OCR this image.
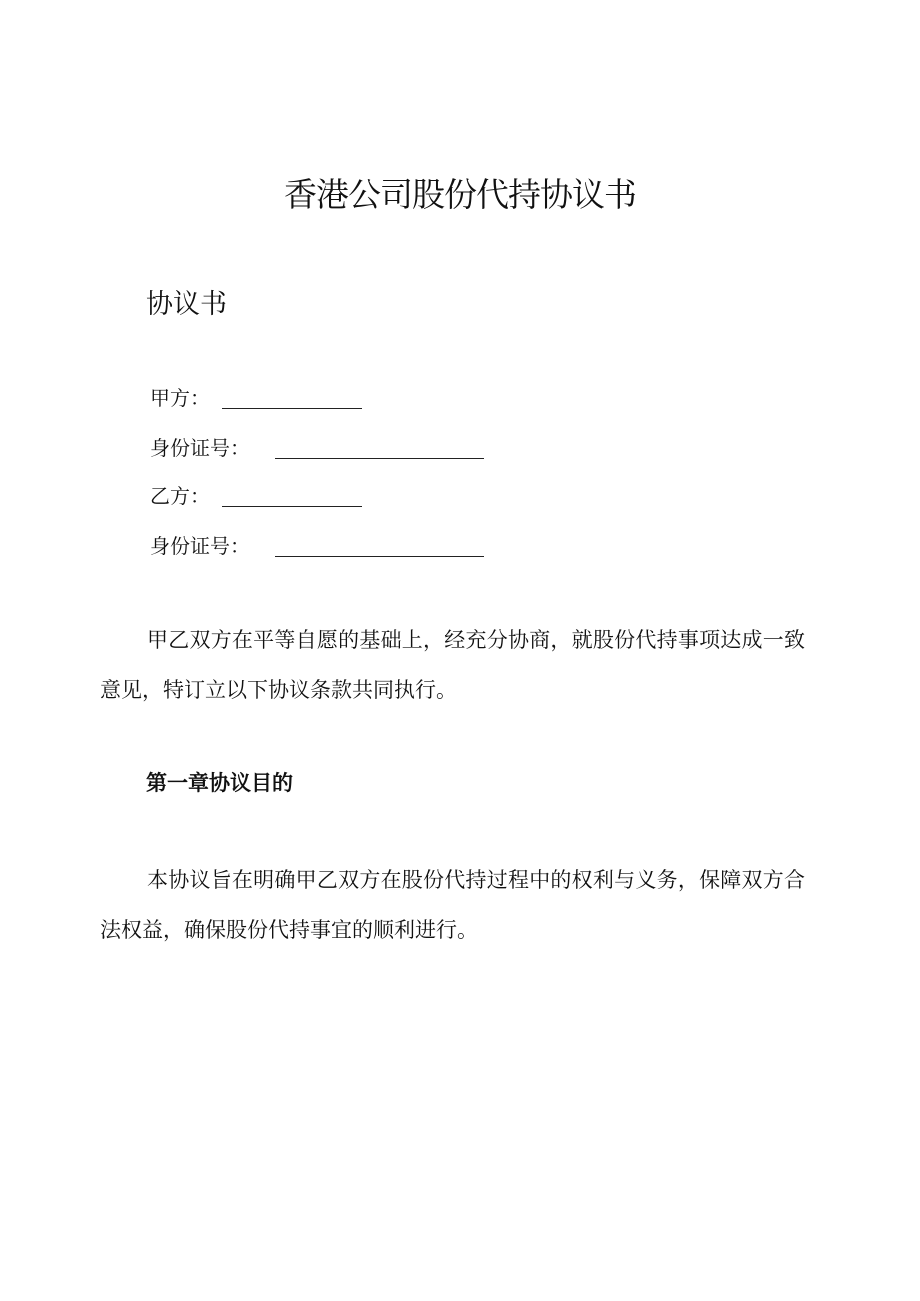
香港公司股份代持协议书
协议书
甲方：
身份证号：
乙方：
身份证号：

甲乙双方在平等自愿的基础上，经充分协商，就股份代持事项达成一致意见，特订立以下协议条款共同执行。

第一章协议目的

本协议旨在明确甲乙双方在股份代持过程中的权利与义务，保障双方合法权益，确保股份代持事宜的顺利进行。
